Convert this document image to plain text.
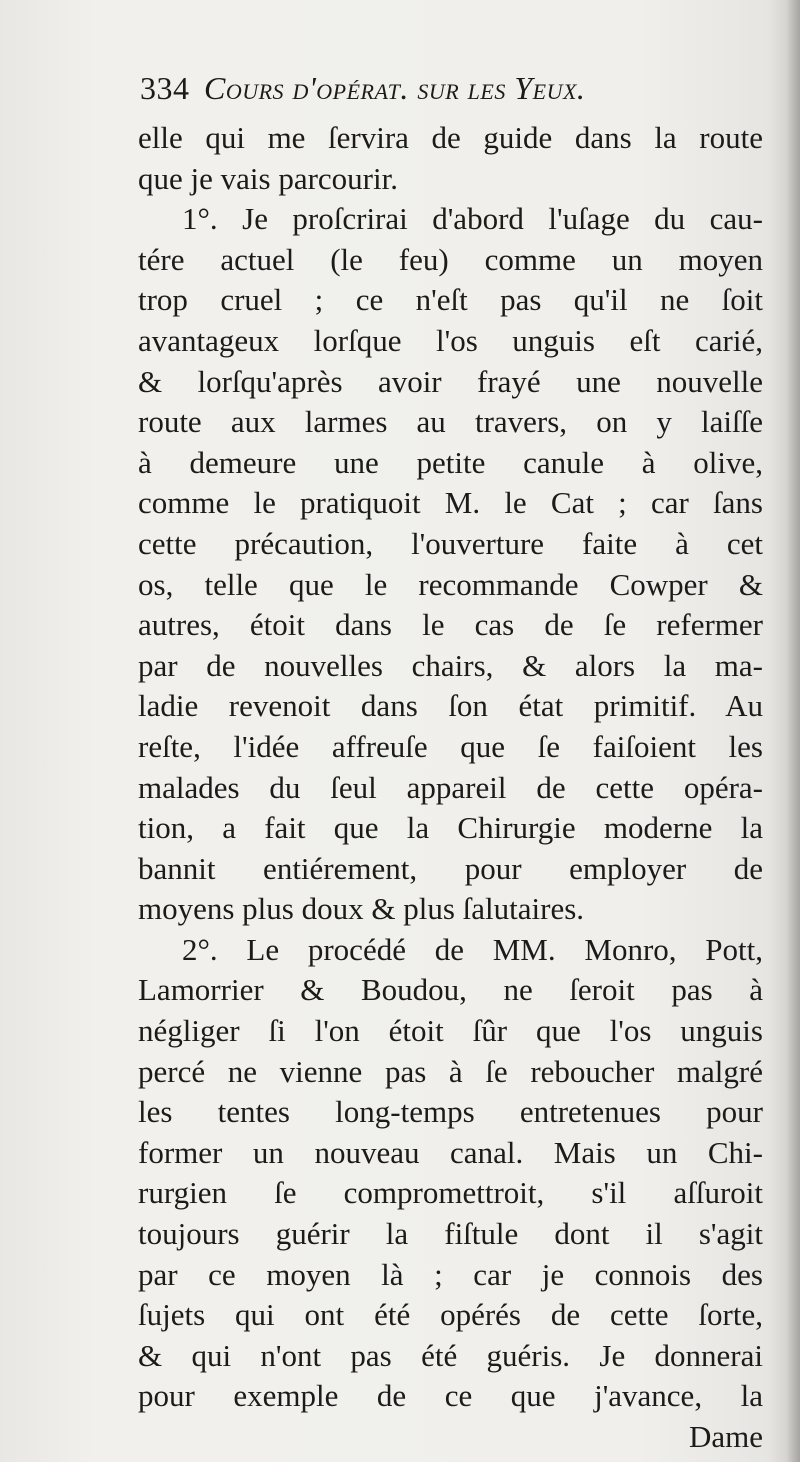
334 Cours d'opérat. sur les Yeux.
elle qui me ſervira de guide dans la route
que je vais parcourir.
1°. Je proſcrirai d'abord l'uſage du cau-
tére actuel (le feu) comme un moyen
trop cruel ; ce n'eſt pas qu'il ne ſoit
avantageux lorſque l'os unguis eſt carié,
& lorſqu'après avoir frayé une nouvelle
route aux larmes au travers, on y laiſſe
à demeure une petite canule à olive,
comme le pratiquoit M. le Cat ; car ſans
cette précaution, l'ouverture faite à cet
os, telle que le recommande Cowper &
autres, étoit dans le cas de ſe refermer
par de nouvelles chairs, & alors la ma-
ladie revenoit dans ſon état primitif. Au
reſte, l'idée affreuſe que ſe faiſoient les
malades du ſeul appareil de cette opéra-
tion, a fait que la Chirurgie moderne la
bannit entiérement, pour employer de
moyens plus doux & plus ſalutaires.
2°. Le procédé de MM. Monro, Pott,
Lamorrier & Boudou, ne ſeroit pas à
négliger ſi l'on étoit ſûr que l'os unguis
percé ne vienne pas à ſe reboucher malgré
les tentes long-temps entretenues pour
former un nouveau canal. Mais un Chi-
rurgien ſe compromettroit, s'il aſſuroit
toujours guérir la fiſtule dont il s'agit
par ce moyen là ; car je connois des
ſujets qui ont été opérés de cette ſorte,
& qui n'ont pas été guéris. Je donnerai
pour exemple de ce que j'avance, la
Dame
